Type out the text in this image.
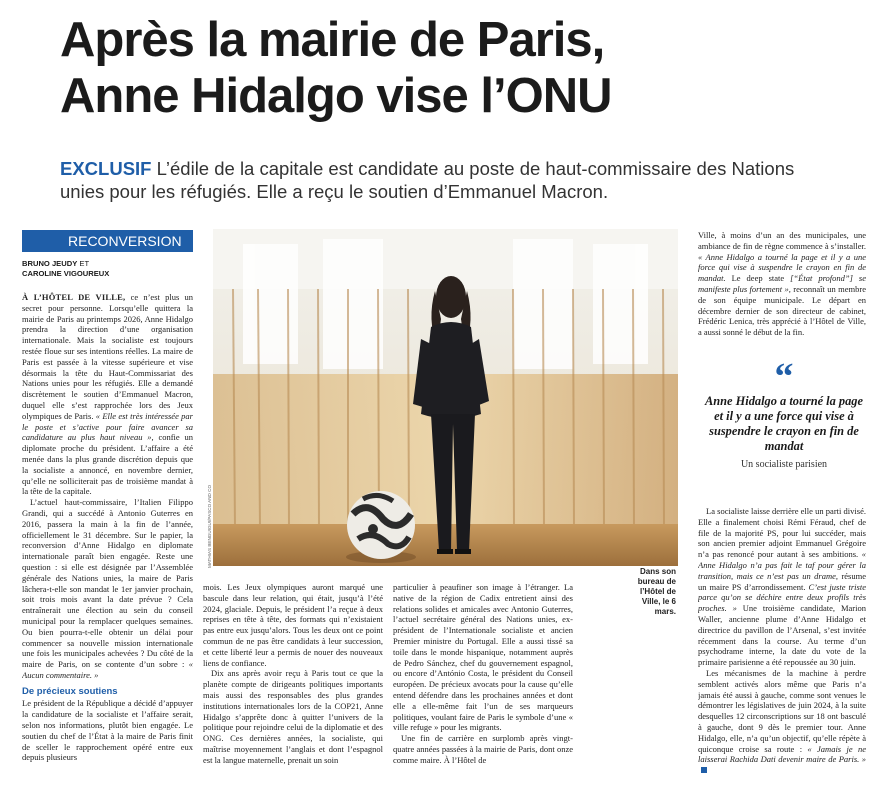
Après la mairie de Paris,
Anne Hidalgo vise l’ONU
EXCLUSIF L’édile de la capitale est candidate au poste de haut-commissaire des Nations unies pour les réfugiés. Elle a reçu le soutien d’Emmanuel Macron.
RECONVERSION
BRUNO JEUDY ET
CAROLINE VIGOUREUX

À L’HÔTEL DE VILLE, ce n’est plus un secret pour personne. Lorsqu’elle quittera la mairie de Paris au printemps 2026, Anne Hidalgo prendra la direction d’une organisation internationale. Mais la socialiste est toujours restée floue sur ses intentions réelles. La maire de Paris est passée à la vitesse supérieure et vise désormais la tête du Haut-Commissariat des Nations unies pour les réfugiés. Elle a demandé discrètement le soutien d’Emmanuel Macron, duquel elle s’est rapprochée lors des Jeux olympiques de Paris. « Elle est très intéressée par le poste et s’active pour faire avancer sa candidature au plus haut niveau », confie un diplomate proche du président. L’affaire a été menée dans la plus grande discrétion depuis que la socialiste a annoncé, en novembre dernier, qu’elle ne solliciterait pas de troisième mandat à la tête de la capitale.

L’actuel haut-commissaire, l’Italien Filippo Grandi, qui a succédé à Antonio Guterres en 2016, passera la main à la fin de l’année, officiellement le 31 décembre. Sur le papier, la reconversion d’Anne Hidalgo en diplomate internationale paraît bien engagée. Reste une question : si elle est désignée par l’Assemblée générale des Nations unies, la maire de Paris lâchera-t-elle son mandat le 1er janvier prochain, soit trois mois avant la date prévue ? Cela entraînerait une élection au sein du conseil municipal pour la remplacer quelques semaines. Ou bien pourra-t-elle obtenir un délai pour commencer sa nouvelle mission internationale une fois les municipales achevées ? Du côté de la maire de Paris, on se contente d’un sobre : « Aucun commentaire. »

De précieux soutiens

Le président de la République a décidé d’appuyer la candidature de la socialiste et l’affaire serait, selon nos informations, plutôt bien engagée. Le soutien du chef de l’État à la maire de Paris finit de sceller le rapprochement opéré entre eux depuis plusieurs

MATHIAS BENGUIGUI/PASCO AND CO
Dans son bureau de l’Hôtel de Ville, le 6 mars.

mois. Les Jeux olympiques auront marqué une bascule dans leur relation, qui était, jusqu’à l’été 2024, glaciale. Depuis, le président l’a reçue à deux reprises en tête à tête, des formats qui n’existaient pas entre eux jusqu’alors. Tous les deux ont ce point commun de ne pas être candidats à leur succession, et cette liberté leur a permis de nouer des nouveaux liens de confiance.

Dix ans après avoir reçu à Paris tout ce que la planète compte de dirigeants politiques importants mais aussi des responsables des plus grandes institutions internationales lors de la COP21, Anne Hidalgo s’apprête donc à quitter l’univers de la politique pour rejoindre celui de la diplomatie et des ONG. Ces dernières années, la socialiste, qui maîtrise moyennement l’anglais et dont l’espagnol est la langue maternelle, prenait un soin

particulier à peaufiner son image à l’étranger. La native de la région de Cadix entretient ainsi des relations solides et amicales avec Antonio Guterres, l’actuel secrétaire général des Nations unies, ex-président de l’Internationale socialiste et ancien Premier ministre du Portugal. Elle a aussi tissé sa toile dans le monde hispanique, notamment auprès de Pedro Sánchez, chef du gouvernement espagnol, ou encore d’António Costa, le président du Conseil européen. De précieux avocats pour la cause qu’elle entend défendre dans les prochaines années et dont elle a elle-même fait l’un de ses marqueurs politiques, voulant faire de Paris le symbole d’une « ville refuge » pour les migrants.

Une fin de carrière en surplomb après vingt-quatre années passées à la mairie de Paris, dont onze comme maire. À l’Hôtel de

Ville, à moins d’un an des municipales, une ambiance de fin de règne commence à s’installer. « Anne Hidalgo a tourné la page et il y a une force qui vise à suspendre le crayon en fin de mandat. Le deep state [“État profond”] se manifeste plus fortement », reconnaît un membre de son équipe municipale. Le départ en décembre dernier de son directeur de cabinet, Frédéric Lenica, très apprécié à l’Hôtel de Ville, a aussi sonné le début de la fin.

“
Anne Hidalgo a tourné la page et il y a une force qui vise à suspendre le crayon en fin de mandat
Un socialiste parisien

La socialiste laisse derrière elle un parti divisé. Elle a finalement choisi Rémi Féraud, chef de file de la majorité PS, pour lui succéder, mais son ancien premier adjoint Emmanuel Grégoire n’a pas renoncé pour autant à ses ambitions. « Anne Hidalgo n’a pas fait le taf pour gérer la transition, mais ce n’est pas un drame, résume un maire PS d’arrondissement. C’est juste triste parce qu’on se déchire entre deux profils très proches. » Une troisième candidate, Marion Waller, ancienne plume d’Anne Hidalgo et directrice du pavillon de l’Arsenal, s’est invitée récemment dans la course. Au terme d’un psychodrame interne, la date du vote de la primaire parisienne a été repoussée au 30 juin.

Les mécanismes de la machine à perdre semblent activés alors même que Paris n’a jamais été aussi à gauche, comme sont venues le démontrer les législatives de juin 2024, à la suite desquelles 12 circonscriptions sur 18 ont basculé à gauche, dont 9 dès le premier tour. Anne Hidalgo, elle, n’a qu’un objectif, qu’elle répète à quiconque croise sa route : « Jamais je ne laisserai Rachida Dati devenir maire de Paris. »
